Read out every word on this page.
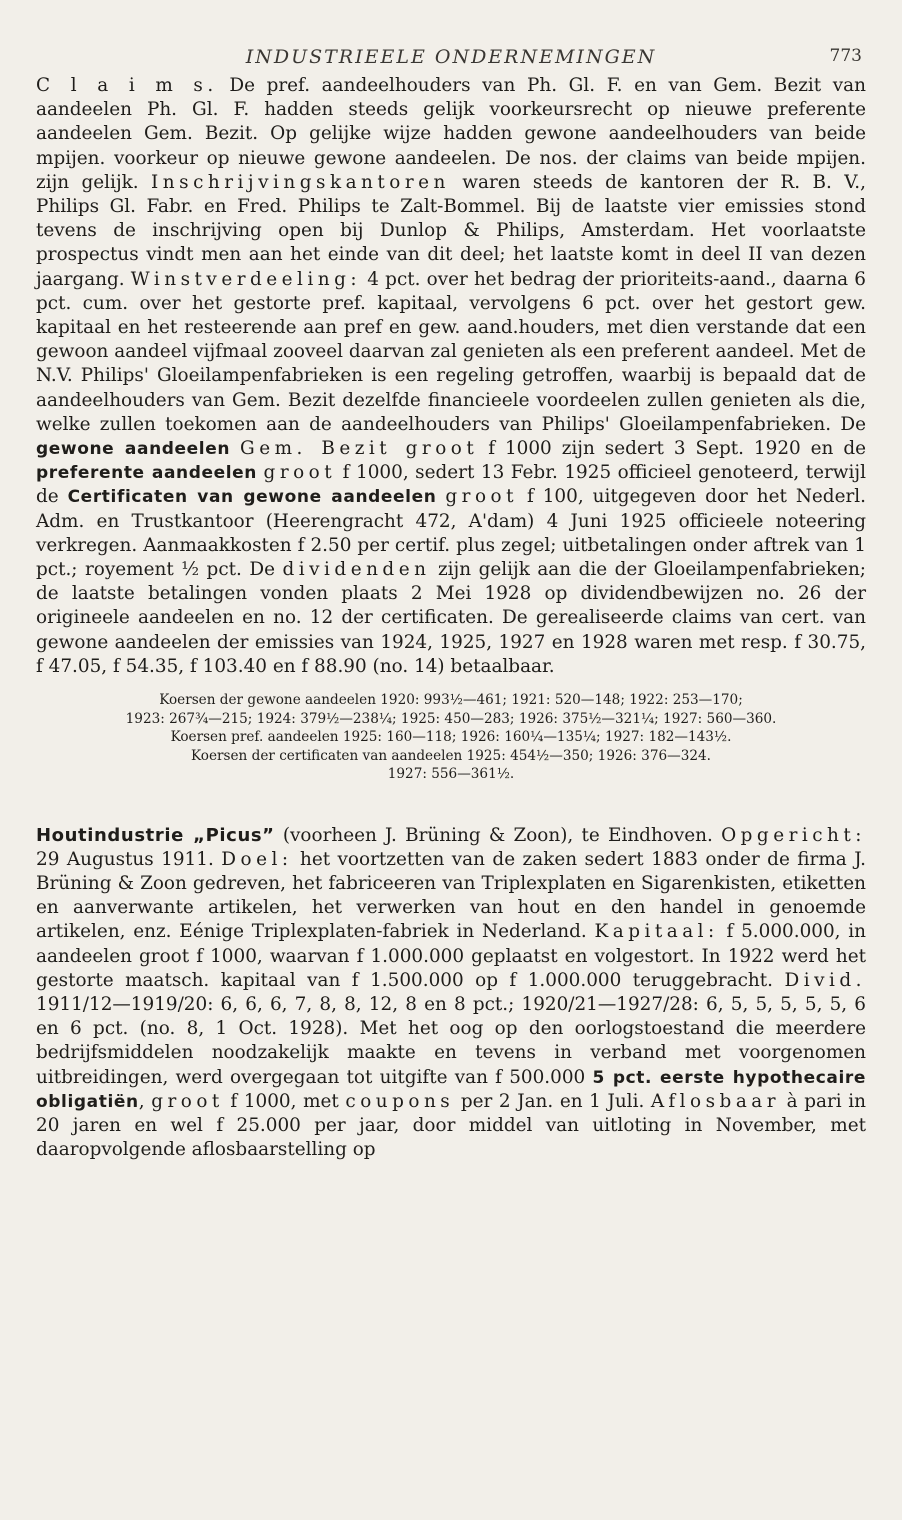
INDUSTRIEELE ONDERNEMINGEN	773

C l a i m s. De pref. aandeelhouders van Ph. Gl. F. en van Gem. Bezit van aandeelen Ph. Gl. F. hadden steeds gelijk voorkeursrecht op nieuwe preferente aandeelen Gem. Bezit. Op gelijke wijze hadden gewone aandeelhouders van beide mpijen. voorkeur op nieuwe gewone aandeelen. De nos. der claims van beide mpijen. zijn gelijk. Inschrijvingskantoren waren steeds de kantoren der R. B. V., Philips Gl. Fabr. en Fred. Philips te Zalt-Bommel. Bij de laatste vier emissies stond tevens de inschrijving open bij Dunlop & Philips, Amsterdam. Het voorlaatste prospectus vindt men aan het einde van dit deel; het laatste komt in deel II van dezen jaargang. Winstverdeeling: 4 pct. over het bedrag der prioriteits-aand., daarna 6 pct. cum. over het gestorte pref. kapitaal, vervolgens 6 pct. over het gestort gew. kapitaal en het resteerende aan pref en gew. aand.houders, met dien verstande dat een gewoon aandeel vijfmaal zooveel daarvan zal genieten als een preferent aandeel. Met de N.V. Philips' Gloeilampenfabrieken is een regeling getroffen, waarbij is bepaald dat de aandeelhouders van Gem. Bezit dezelfde financieele voordeelen zullen genieten als die, welke zullen toekomen aan de aandeelhouders van Philips' Gloeilampenfabrieken. De gewone aandeelen Gem. Bezit groot f 1000 zijn sedert 3 Sept. 1920 en de preferente aandeelen groot f 1000, sedert 13 Febr. 1925 officieel genoteerd, terwijl de Certificaten van gewone aandeelen groot f 100, uitgegeven door het Nederl. Adm. en Trustkantoor (Heerengracht 472, A'dam) 4 Juni 1925 officieele noteering verkregen. Aanmaakkosten f 2.50 per certif. plus zegel; uitbetalingen onder aftrek van 1 pct.; royement ½ pct. De dividenden zijn gelijk aan die der Gloeilampenfabrieken; de laatste betalingen vonden plaats 2 Mei 1928 op dividendbewijzen no. 26 der origineele aandeelen en no. 12 der certificaten. De gerealiseerde claims van cert. van gewone aandeelen der emissies van 1924, 1925, 1927 en 1928 waren met resp. f 30.75, f 47.05, f 54.35, f 103.40 en f 88.90 (no. 14) betaalbaar.

Koersen der gewone aandeelen 1920: 993½—461; 1921: 520—148; 1922: 253—170;
1923: 267¾—215; 1924: 379½—238¼; 1925: 450—283; 1926: 375½—321¼; 1927: 560—360.
Koersen pref. aandeelen 1925: 160—118; 1926: 160¼—135¼; 1927: 182—143½.
Koersen der certificaten van aandeelen 1925: 454½—350; 1926: 376—324.
1927: 556—361½.

Houtindustrie „Picus” (voorheen J. Brüning & Zoon), te Eindhoven. Opgericht: 29 Augustus 1911. Doel: het voortzetten van de zaken sedert 1883 onder de firma J. Brüning & Zoon gedreven, het fabriceeren van Triplexplaten en Sigarenkisten, etiketten en aanverwante artikelen, het verwerken van hout en den handel in genoemde artikelen, enz. Eénige Triplexplaten-fabriek in Nederland. Kapitaal: f 5.000.000, in aandeelen groot f 1000, waarvan f 1.000.000 geplaatst en volgestort. In 1922 werd het gestorte maatsch. kapitaal van f 1.500.000 op f 1.000.000 teruggebracht. Divid. 1911/12—1919/20: 6, 6, 6, 7, 8, 8, 12, 8 en 8 pct.; 1920/21—1927/28: 6, 5, 5, 5, 5, 5, 6 en 6 pct. (no. 8, 1 Oct. 1928). Met het oog op den oorlogstoestand die meerdere bedrijfsmiddelen noodzakelijk maakte en tevens in verband met voorgenomen uitbreidingen, werd overgegaan tot uitgifte van f 500.000 5 pct. eerste hypothecaire obligatiën, groot f 1000, met coupons per 2 Jan. en 1 Juli. Aflosbaar à pari in 20 jaren en wel f 25.000 per jaar, door middel van uitloting in November, met daaropvolgende aflosbaarstelling op
